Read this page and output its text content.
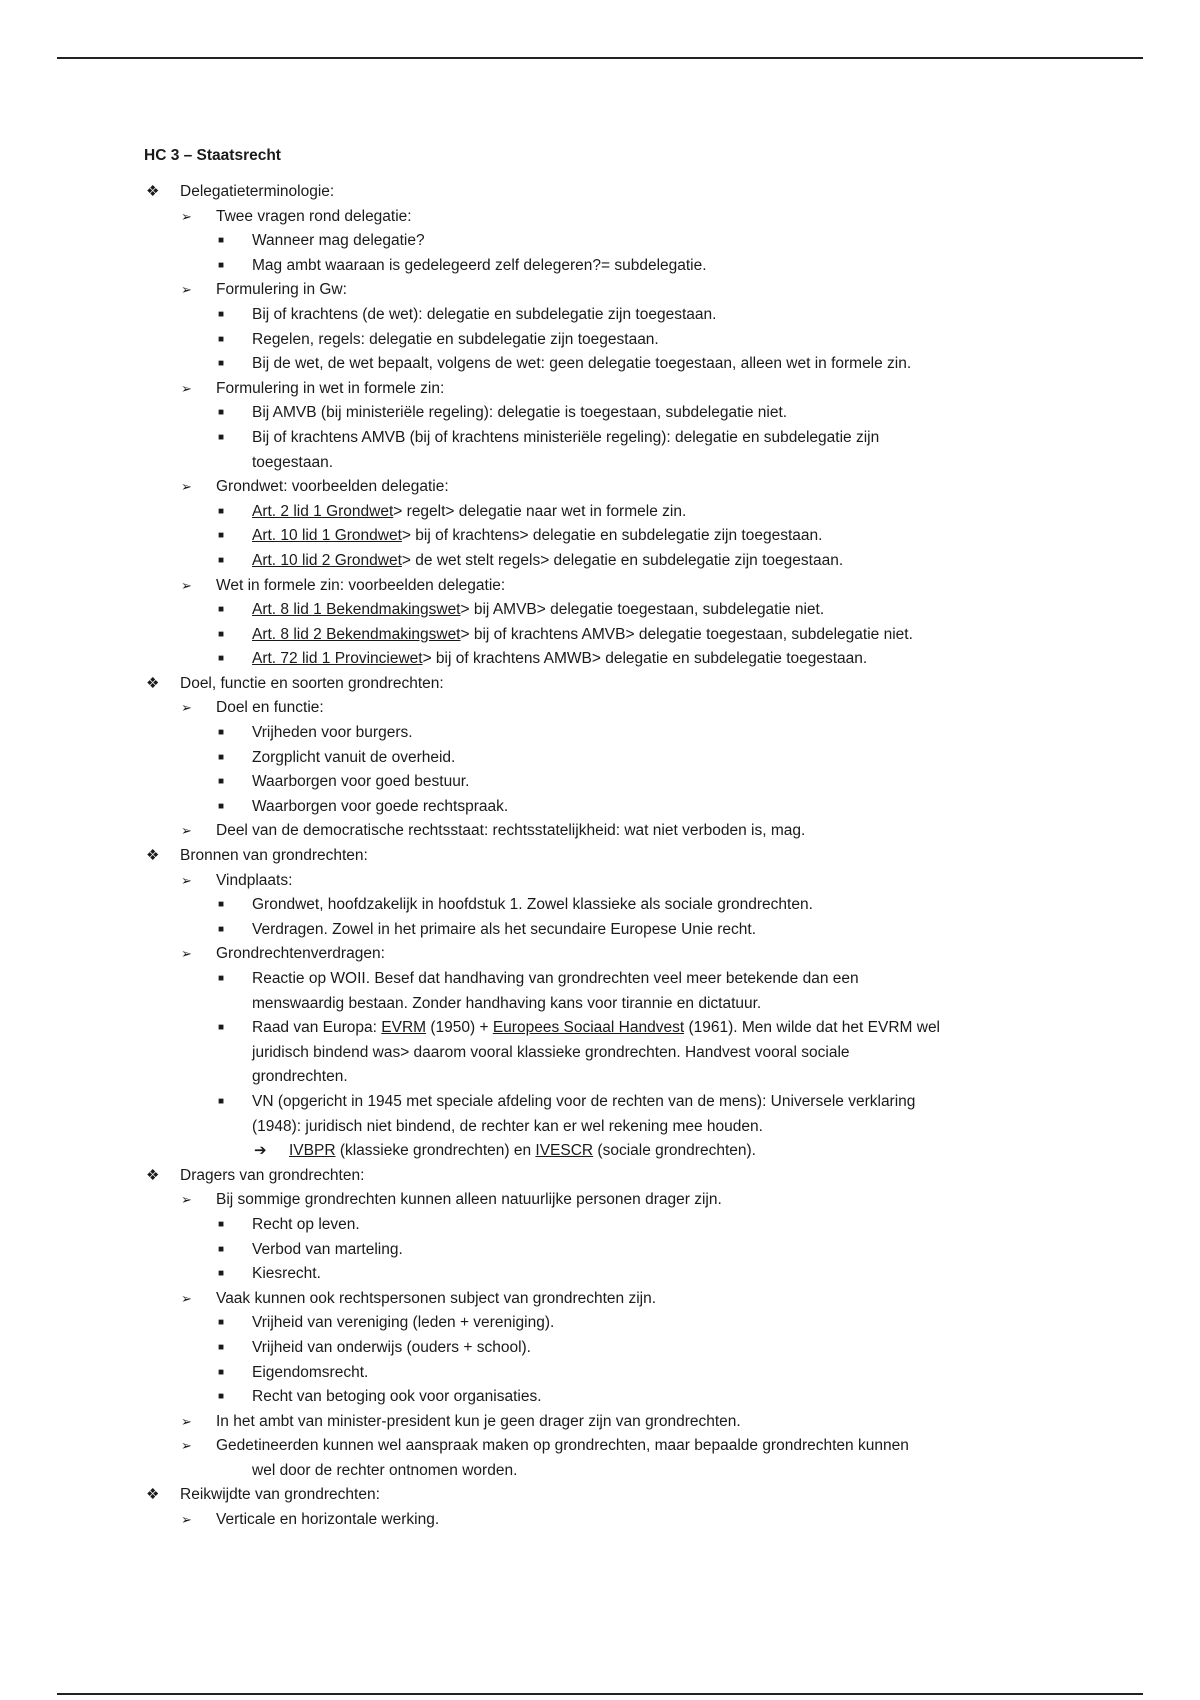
HC 3 – Staatsrecht
❖ Delegatieterminologie:
➢ Twee vragen rond delegatie:
■ Wanneer mag delegatie?
■ Mag ambt waaraan is gedelegeerd zelf delegeren?= subdelegatie.
➢ Formulering in Gw:
■ Bij of krachtens (de wet): delegatie en subdelegatie zijn toegestaan.
■ Regelen, regels: delegatie en subdelegatie zijn toegestaan.
■ Bij de wet, de wet bepaalt, volgens de wet: geen delegatie toegestaan, alleen wet in formele zin.
➢ Formulering in wet in formele zin:
■ Bij AMVB (bij ministeriële regeling): delegatie is toegestaan, subdelegatie niet.
■ Bij of krachtens AMVB (bij of krachtens ministeriële regeling): delegatie en subdelegatie zijn
toegestaan.
➢ Grondwet: voorbeelden delegatie:
■ Art. 2 lid 1 Grondwet> regelt> delegatie naar wet in formele zin.
■ Art. 10 lid 1 Grondwet> bij of krachtens> delegatie en subdelegatie zijn toegestaan.
■ Art. 10 lid 2 Grondwet> de wet stelt regels> delegatie en subdelegatie zijn toegestaan.
➢ Wet in formele zin: voorbeelden delegatie:
■ Art. 8 lid 1 Bekendmakingswet> bij AMVB> delegatie toegestaan, subdelegatie niet.
■ Art. 8 lid 2 Bekendmakingswet> bij of krachtens AMVB> delegatie toegestaan, subdelegatie niet.
■ Art. 72 lid 1 Provinciewet> bij of krachtens AMWB> delegatie en subdelegatie toegestaan.
❖ Doel, functie en soorten grondrechten:
➢ Doel en functie:
■ Vrijheden voor burgers.
■ Zorgplicht vanuit de overheid.
■ Waarborgen voor goed bestuur.
■ Waarborgen voor goede rechtspraak.
➢ Deel van de democratische rechtsstaat: rechtsstatelijkheid: wat niet verboden is, mag.
❖ Bronnen van grondrechten:
➢ Vindplaats:
■ Grondwet, hoofdzakelijk in hoofdstuk 1. Zowel klassieke als sociale grondrechten.
■ Verdragen. Zowel in het primaire als het secundaire Europese Unie recht.
➢ Grondrechtenverdragen:
■ Reactie op WOII. Besef dat handhaving van grondrechten veel meer betekende dan een
menswaardig bestaan. Zonder handhaving kans voor tirannie en dictatuur.
■ Raad van Europa: EVRM (1950) + Europees Sociaal Handvest (1961). Men wilde dat het EVRM wel
juridisch bindend was> daarom vooral klassieke grondrechten. Handvest vooral sociale
grondrechten.
■ VN (opgericht in 1945 met speciale afdeling voor de rechten van de mens): Universele verklaring
(1948): juridisch niet bindend, de rechter kan er wel rekening mee houden.
➔ IVBPR (klassieke grondrechten) en IVESCR (sociale grondrechten).
❖ Dragers van grondrechten:
➢ Bij sommige grondrechten kunnen alleen natuurlijke personen drager zijn.
■ Recht op leven.
■ Verbod van marteling.
■ Kiesrecht.
➢ Vaak kunnen ook rechtspersonen subject van grondrechten zijn.
■ Vrijheid van vereniging (leden + vereniging).
■ Vrijheid van onderwijs (ouders + school).
■ Eigendomsrecht.
■ Recht van betoging ook voor organisaties.
➢ In het ambt van minister-president kun je geen drager zijn van grondrechten.
➢ Gedetineerden kunnen wel aanspraak maken op grondrechten, maar bepaalde grondrechten kunnen
wel door de rechter ontnomen worden.
❖ Reikwijdte van grondrechten:
➢ Verticale en horizontale werking.
